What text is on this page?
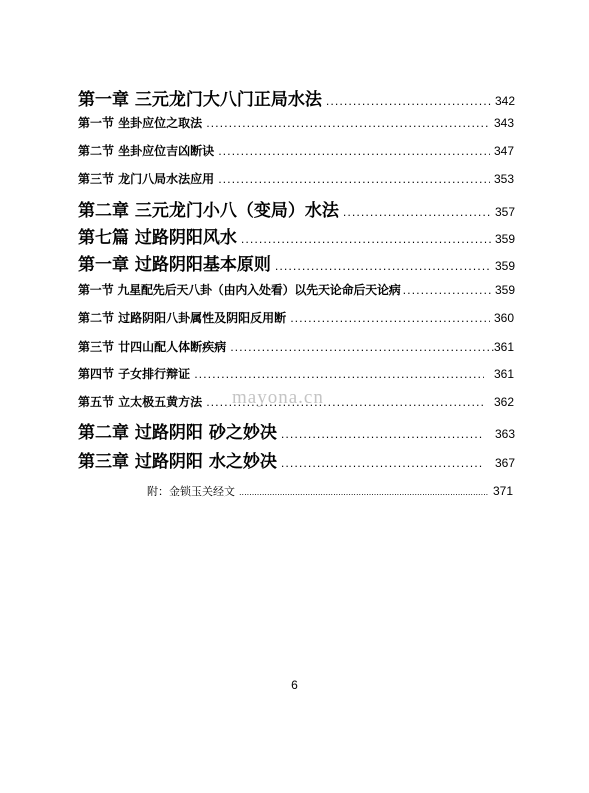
第一章 三元龙门大八门正局水法 .....	342
第一节 坐卦应位之取法 .....	343
第二节 坐卦应位吉凶断诀 .....	347
第三节 龙门八局水法应用 .....	353
第二章 三元龙门小八（变局）水法 .....	357
第七篇 过路阴阳风水 .....	359
第一章 过路阴阳基本原则 .....	359
第一节 九星配先后天八卦（由内入处看）以先天论命后天论病 .....	359
第二节 过路阴阳八卦属性及阴阳反用断 .....	360
第三节 廿四山配人体断疾病 .....	361
第四节 子女排行辩证 .....	361
第五节 立太极五黄方法 .....	362
第二章 过路阴阳 砂之妙决 .....	363
第三章 过路阴阳 水之妙决 .....	367
附：金锁玉关经文 .....	371
mayona.cn
6
